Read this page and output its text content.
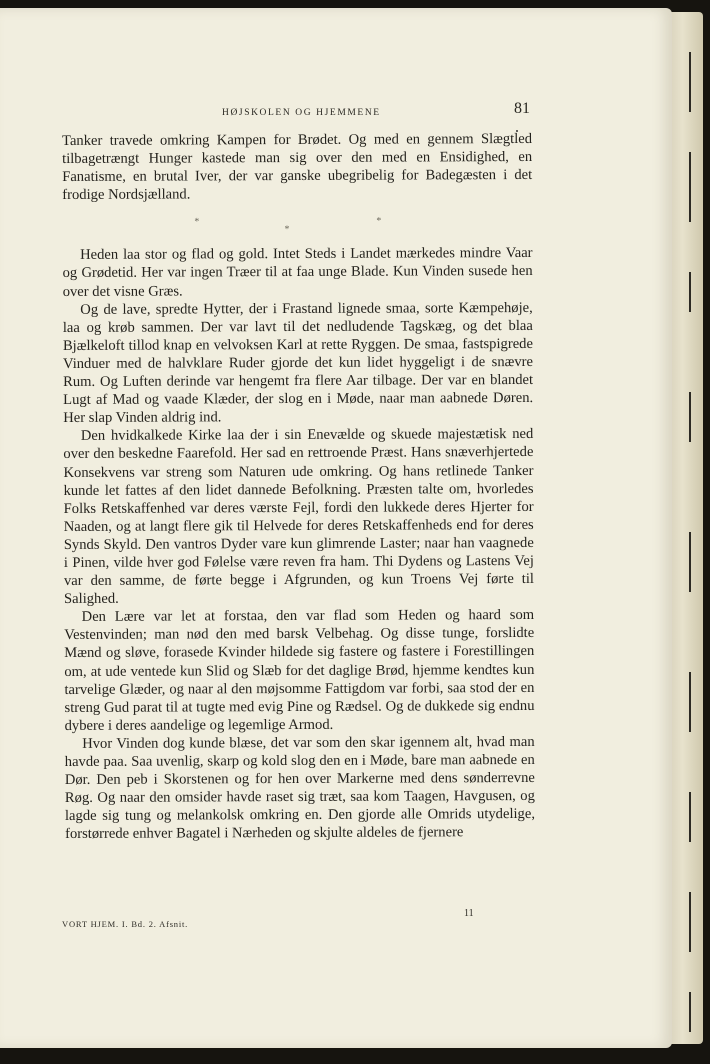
HØJSKOLEN OG HJEMMENE	81

Tanker travede omkring Kampen for Brødet. Og med en gennem Slægtled tilbagetrængt Hunger kastede man sig over den med en Ensidighed, en Fanatisme, en brutal Iver, der var ganske ubegribelig for Badegæsten i det frodige Nordsjælland.

*
*
*

Heden laa stor og flad og gold. Intet Steds i Landet mærkedes mindre Vaar og Grødetid. Her var ingen Træer til at faa unge Blade. Kun Vinden susede hen over det visne Græs.

Og de lave, spredte Hytter, der i Frastand lignede smaa, sorte Kæmpehøje, laa og krøb sammen. Der var lavt til det nedludende Tagskæg, og det blaa Bjælkeloft tillod knap en velvoksen Karl at rette Ryggen. De smaa, fastspigrede Vinduer med de halvklare Ruder gjorde det kun lidet hyggeligt i de snævre Rum. Og Luften derinde var hengemt fra flere Aar tilbage. Der var en blandet Lugt af Mad og vaade Klæder, der slog en i Møde, naar man aabnede Døren. Her slap Vinden aldrig ind.

Den hvidkalkede Kirke laa der i sin Enevælde og skuede majestætisk ned over den beskedne Faarefold. Her sad en rettroende Præst. Hans snæverhjertede Konsekvens var streng som Naturen ude omkring. Og hans retlinede Tanker kunde let fattes af den lidet dannede Befolkning. Præsten talte om, hvorledes Folks Retskaffenhed var deres værste Fejl, fordi den lukkede deres Hjerter for Naaden, og at langt flere gik til Helvede for deres Retskaffenheds end for deres Synds Skyld. Den vantros Dyder vare kun glimrende Laster; naar han vaagnede i Pinen, vilde hver god Følelse være reven fra ham. Thi Dydens og Lastens Vej var den samme, de førte begge i Afgrunden, og kun Troens Vej førte til Salighed.

Den Lære var let at forstaa, den var flad som Heden og haard som Vestenvinden; man nød den med barsk Velbehag. Og disse tunge, forslidte Mænd og sløve, forasede Kvinder hildede sig fastere og fastere i Forestillingen om, at ude ventede kun Slid og Slæb for det daglige Brød, hjemme kendtes kun tarvelige Glæder, og naar al den møjsomme Fattigdom var forbi, saa stod der en streng Gud parat til at tugte med evig Pine og Rædsel. Og de dukkede sig endnu dybere i deres aandelige og legemlige Armod.

Hvor Vinden dog kunde blæse, det var som den skar igennem alt, hvad man havde paa. Saa uvenlig, skarp og kold slog den en i Møde, bare man aabnede en Dør. Den peb i Skorstenen og for hen over Markerne med dens sønderrevne Røg. Og naar den omsider havde raset sig træt, saa kom Taagen, Havgusen, og lagde sig tung og melankolsk omkring en. Den gjorde alle Omrids utydelige, forstørrede enhver Bagatel i Nærheden og skjulte aldeles de fjernere

VORT HJEM. I. Bd. 2. Afsnit.
11
